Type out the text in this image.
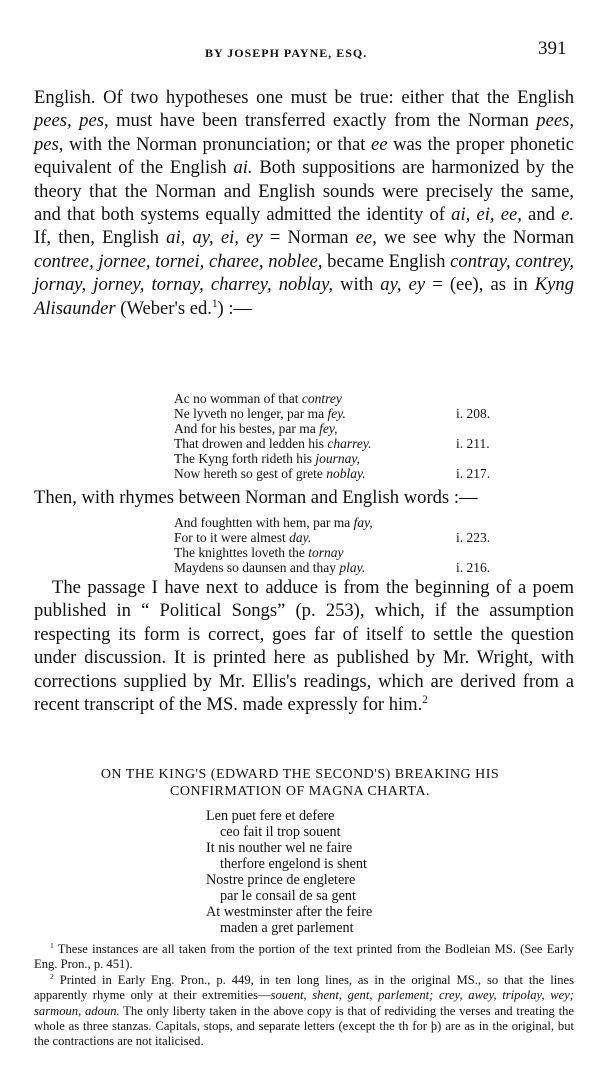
BY JOSEPH PAYNE, ESQ.	391

English. Of two hypotheses one must be true: either that the English pees, pes, must have been transferred exactly from the Norman pees, pes, with the Norman pronunciation; or that ee was the proper phonetic equivalent of the English ai. Both suppositions are harmonized by the theory that the Norman and English sounds were precisely the same, and that both systems equally admitted the identity of ai, ei, ee, and e. If, then, English ai, ay, ei, ey = Norman ee, we see why the Norman contree, jornee, tornei, charee, noblee, became English contray, contrey, jornay, jorney, tornay, charrey, noblay, with ay, ey = (ee), as in Kyng Alisaunder (Weber's ed.$^1$) :—

Ac no womman of that contrey
Ne lyveth no lenger, par ma fey.	i. 208.
And for his bestes, par ma fey,
That drowen and ledden his charrey.	i. 211.
The Kyng forth rideth his journay,
Now hereth so gest of grete noblay.	i. 217.

Then, with rhymes between Norman and English words :—

And foughtten with hem, par ma fay,
For to it were almest day.	i. 223.
The knighttes loveth the tornay
Maydens so daunsen and thay play.	i. 216.

The passage I have next to adduce is from the beginning of a poem published in “ Political Songs” (p. 253), which, if the assumption respecting its form is correct, goes far of itself to settle the question under discussion. It is printed here as published by Mr. Wright, with corrections supplied by Mr. Ellis's readings, which are derived from a recent transcript of the MS. made expressly for him.$^2$

ON THE KING'S (EDWARD THE SECOND'S) BREAKING HIS
CONFIRMATION OF MAGNA CHARTA.
Len puet fere et defere
ceo fait il trop souent
It nis nouther wel ne faire
therfore engelond is shent
Nostre prince de engletere
par le consail de sa gent
At westminster after the feire
maden a gret parlement

$^1$ These instances are all taken from the portion of the text printed from the Bodleian MS. (See Early Eng. Pron., p. 451).

$^2$ Printed in Early Eng. Pron., p. 449, in ten long lines, as in the original MS., so that the lines apparently rhyme only at their extremities—souent, shent, gent, parlement; crey, awey, tripolay, wey; sarmoun, adoun. The only liberty taken in the above copy is that of redividing the verses and treating the whole as three stanzas. Capitals, stops, and separate letters (except the th for þ) are as in the original, but the contractions are not italicised.
